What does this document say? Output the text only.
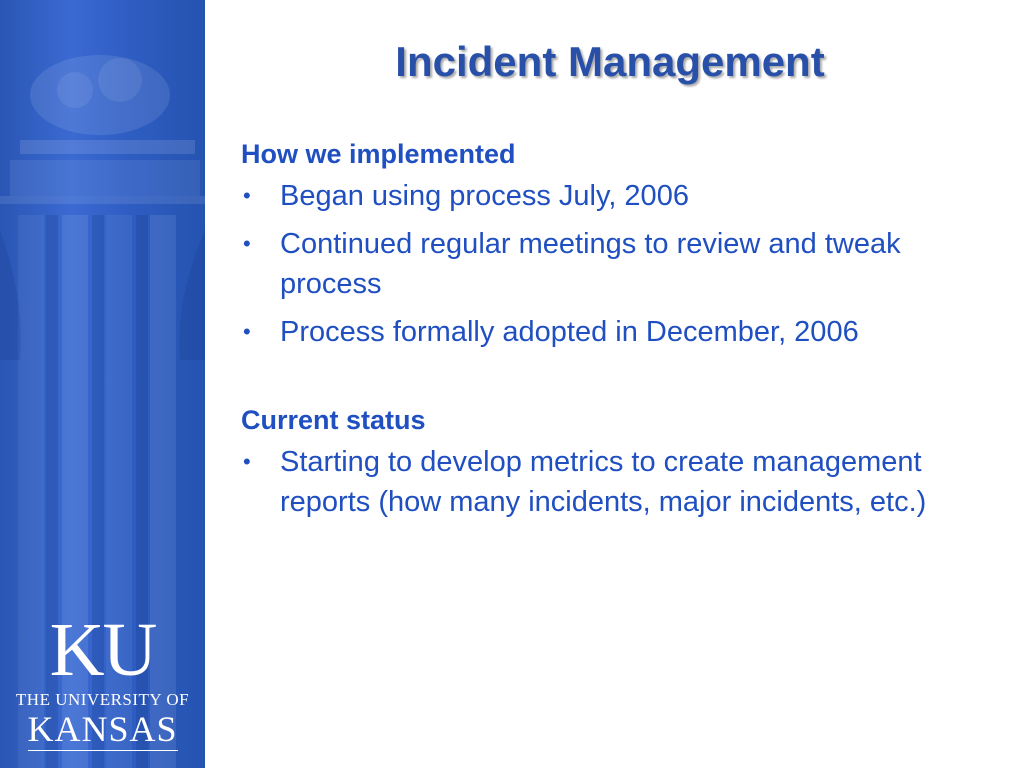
KU
THE UNIVERSITY OF
KANSAS
Incident Management
How we implemented
• Began using process July, 2006
• Continued regular meetings to review and tweak process
• Process formally adopted in December, 2006
Current status
• Starting to develop metrics to create management reports (how many incidents, major incidents, etc.)
